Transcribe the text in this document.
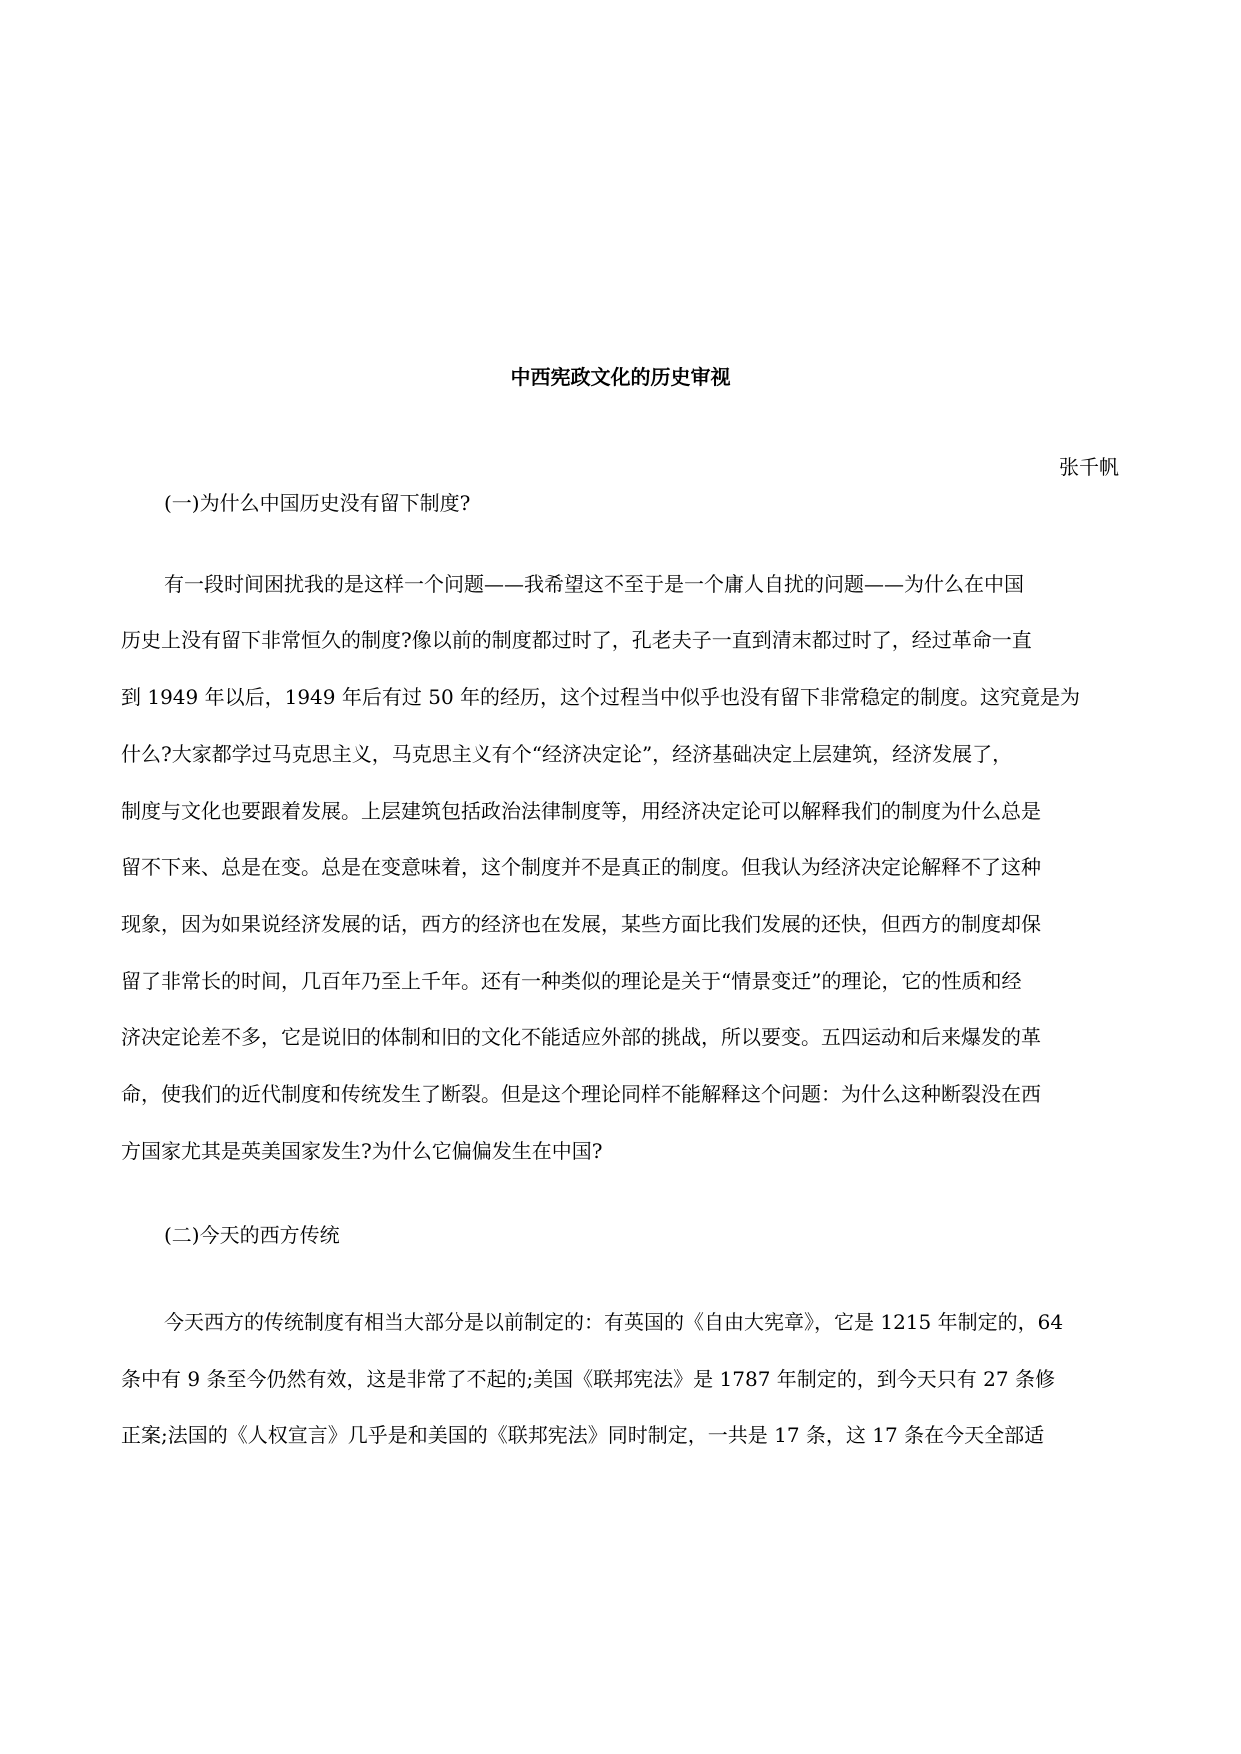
中西宪政文化的历史审视
张千帆
(一)为什么中国历史没有留下制度?
有一段时间困扰我的是这样一个问题——我希望这不至于是一个庸人自扰的问题——为什么在中国
历史上没有留下非常恒久的制度?像以前的制度都过时了，孔老夫子一直到清末都过时了，经过革命一直
到 1949 年以后，1949 年后有过 50 年的经历，这个过程当中似乎也没有留下非常稳定的制度。这究竟是为
什么?大家都学过马克思主义，马克思主义有个“经济决定论”，经济基础决定上层建筑，经济发展了，
制度与文化也要跟着发展。上层建筑包括政治法律制度等，用经济决定论可以解释我们的制度为什么总是
留不下来、总是在变。总是在变意味着，这个制度并不是真正的制度。但我认为经济决定论解释不了这种
现象，因为如果说经济发展的话，西方的经济也在发展，某些方面比我们发展的还快，但西方的制度却保
留了非常长的时间，几百年乃至上千年。还有一种类似的理论是关于“情景变迁”的理论，它的性质和经
济决定论差不多，它是说旧的体制和旧的文化不能适应外部的挑战，所以要变。五四运动和后来爆发的革
命，使我们的近代制度和传统发生了断裂。但是这个理论同样不能解释这个问题：为什么这种断裂没在西
方国家尤其是英美国家发生?为什么它偏偏发生在中国?
(二)今天的西方传统
今天西方的传统制度有相当大部分是以前制定的：有英国的《自由大宪章》，它是 1215 年制定的，64
条中有 9 条至今仍然有效，这是非常了不起的;美国《联邦宪法》是 1787 年制定的，到今天只有 27 条修
正案;法国的《人权宣言》几乎是和美国的《联邦宪法》同时制定，一共是 17 条，这 17 条在今天全部适
